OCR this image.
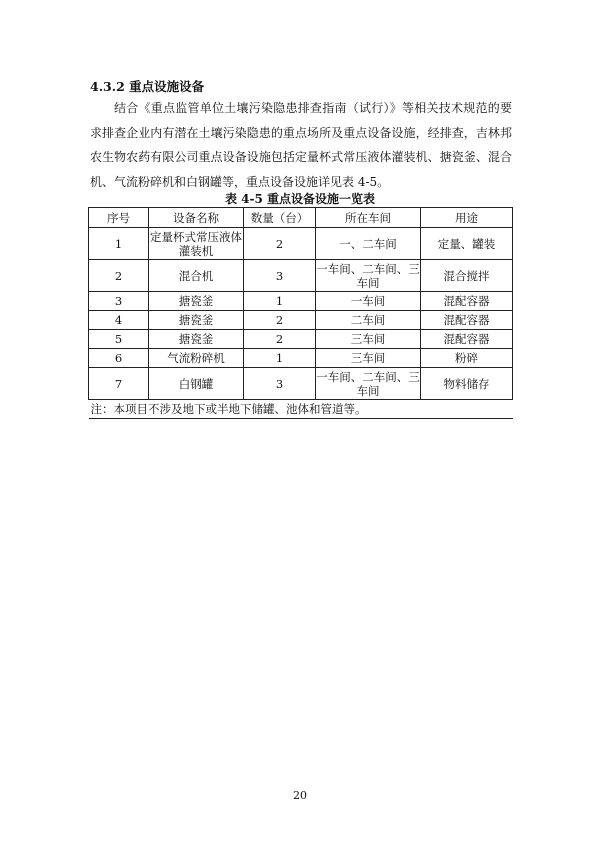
4.3.2 重点设施设备
结合《重点监管单位土壤污染隐患排查指南（试行）》等相关技术规范的要求排查企业内有潜在土壤污染隐患的重点场所及重点设备设施，经排查，吉林邦农生物农药有限公司重点设备设施包括定量杯式常压液体灌装机、搪瓷釜、混合机、气流粉碎机和白钢罐等，重点设备设施详见表 4-5。
表 4-5 重点设备设施一览表
序号	设备名称	数量（台）	所在车间	用途
1	定量杯式常压液体灌装机	2	一、二车间	定量、罐装
2	混合机	3	一车间、二车间、三车间	混合搅拌
3	搪瓷釜	1	一车间	混配容器
4	搪瓷釜	2	二车间	混配容器
5	搪瓷釜	2	三车间	混配容器
6	气流粉碎机	1	三车间	粉碎
7	白钢罐	3	一车间、二车间、三车间	物料储存
注：本项目不涉及地下或半地下储罐、池体和管道等。				
20
